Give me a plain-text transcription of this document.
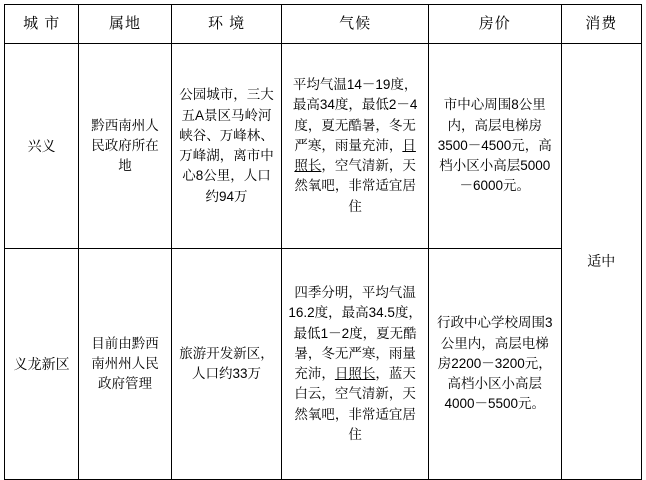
城 市	属地	环 境	气候	房价	消费
兴义	黔西南州人民政府所在地	公园城市，三大五A景区马岭河峡谷、万峰林、万峰湖，离市中心8公里，人口约94万	平均气温14－19度，最高34度，最低2－4度，夏无酷暑，冬无严寒，雨量充沛，日照长，空气清新，天然氧吧，非常适宜居住	市中心周围8公里内，高层电梯房3500－4500元，高档小区小高层5000－6000元。	适中
义龙新区	目前由黔西南州州人民政府管理	旅游开发新区，人口约33万	四季分明，平均气温16.2度，最高34.5度，最低1－2度，夏无酷暑，冬无严寒，雨量充沛，日照长，蓝天白云，空气清新，天然氧吧，非常适宜居住	行政中心学校周围3公里内，高层电梯房2200－3200元，高档小区小高层4000－5500元。	
